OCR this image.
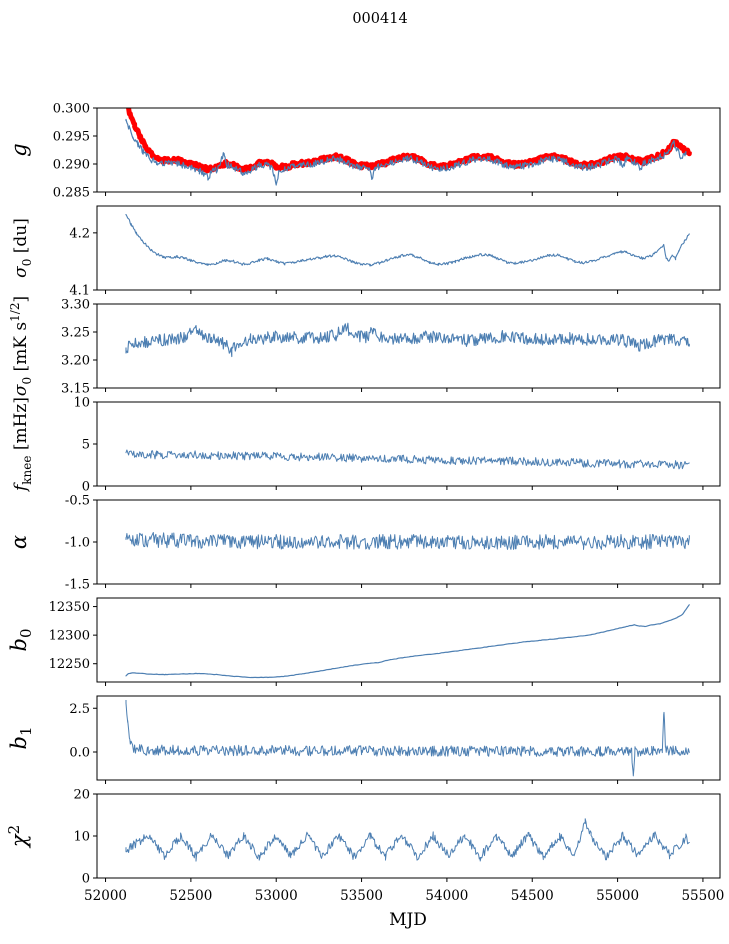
000414
0.285
0.290
0.295
0.300
g
4.1
4.2
$\sigma_0$ [du]
3.15
3.20
3.25
3.30
$\sigma_0$ [mK $s^{1/2}$]
0
5
10
$f_{knee}$ [mHz]
-1.5
-1.0
-0.5
α
12250
12300
12350
$b_0$
0.0
2.5
$b_1$
0
10
20
$\chi^2$
52000	52500	53000	53500	54000	54500	55000	55500
MJD
